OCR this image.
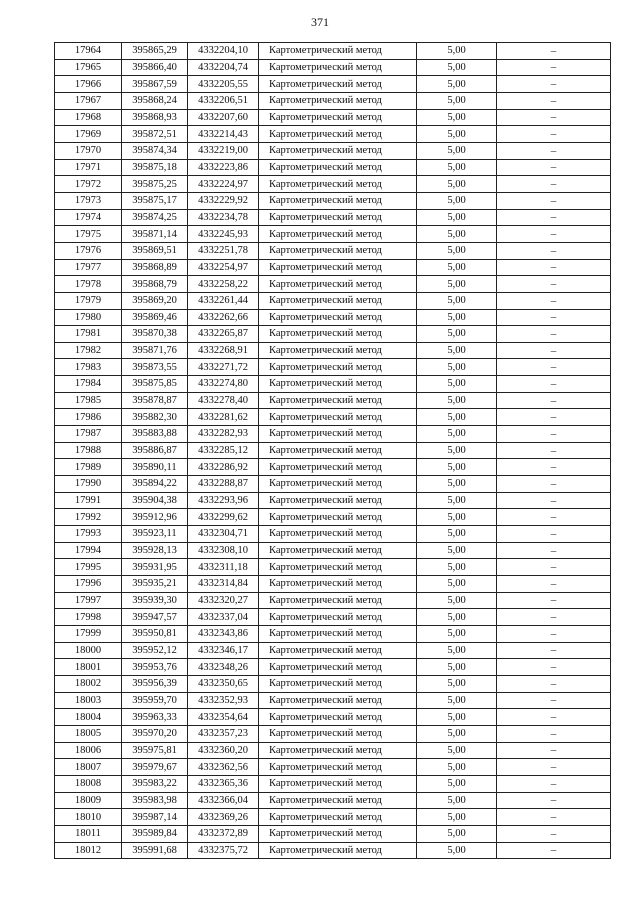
371
17964	395865,29	4332204,10	Картометрический метод	5,00	–
17965	395866,40	4332204,74	Картометрический метод	5,00	–
17966	395867,59	4332205,55	Картометрический метод	5,00	–
17967	395868,24	4332206,51	Картометрический метод	5,00	–
17968	395868,93	4332207,60	Картометрический метод	5,00	–
17969	395872,51	4332214,43	Картометрический метод	5,00	–
17970	395874,34	4332219,00	Картометрический метод	5,00	–
17971	395875,18	4332223,86	Картометрический метод	5,00	–
17972	395875,25	4332224,97	Картометрический метод	5,00	–
17973	395875,17	4332229,92	Картометрический метод	5,00	–
17974	395874,25	4332234,78	Картометрический метод	5,00	–
17975	395871,14	4332245,93	Картометрический метод	5,00	–
17976	395869,51	4332251,78	Картометрический метод	5,00	–
17977	395868,89	4332254,97	Картометрический метод	5,00	–
17978	395868,79	4332258,22	Картометрический метод	5,00	–
17979	395869,20	4332261,44	Картометрический метод	5,00	–
17980	395869,46	4332262,66	Картометрический метод	5,00	–
17981	395870,38	4332265,87	Картометрический метод	5,00	–
17982	395871,76	4332268,91	Картометрический метод	5,00	–
17983	395873,55	4332271,72	Картометрический метод	5,00	–
17984	395875,85	4332274,80	Картометрический метод	5,00	–
17985	395878,87	4332278,40	Картометрический метод	5,00	–
17986	395882,30	4332281,62	Картометрический метод	5,00	–
17987	395883,88	4332282,93	Картометрический метод	5,00	–
17988	395886,87	4332285,12	Картометрический метод	5,00	–
17989	395890,11	4332286,92	Картометрический метод	5,00	–
17990	395894,22	4332288,87	Картометрический метод	5,00	–
17991	395904,38	4332293,96	Картометрический метод	5,00	–
17992	395912,96	4332299,62	Картометрический метод	5,00	–
17993	395923,11	4332304,71	Картометрический метод	5,00	–
17994	395928,13	4332308,10	Картометрический метод	5,00	–
17995	395931,95	4332311,18	Картометрический метод	5,00	–
17996	395935,21	4332314,84	Картометрический метод	5,00	–
17997	395939,30	4332320,27	Картометрический метод	5,00	–
17998	395947,57	4332337,04	Картометрический метод	5,00	–
17999	395950,81	4332343,86	Картометрический метод	5,00	–
18000	395952,12	4332346,17	Картометрический метод	5,00	–
18001	395953,76	4332348,26	Картометрический метод	5,00	–
18002	395956,39	4332350,65	Картометрический метод	5,00	–
18003	395959,70	4332352,93	Картометрический метод	5,00	–
18004	395963,33	4332354,64	Картометрический метод	5,00	–
18005	395970,20	4332357,23	Картометрический метод	5,00	–
18006	395975,81	4332360,20	Картометрический метод	5,00	–
18007	395979,67	4332362,56	Картометрический метод	5,00	–
18008	395983,22	4332365,36	Картометрический метод	5,00	–
18009	395983,98	4332366,04	Картометрический метод	5,00	–
18010	395987,14	4332369,26	Картометрический метод	5,00	–
18011	395989,84	4332372,89	Картометрический метод	5,00	–
18012	395991,68	4332375,72	Картометрический метод	5,00	–
